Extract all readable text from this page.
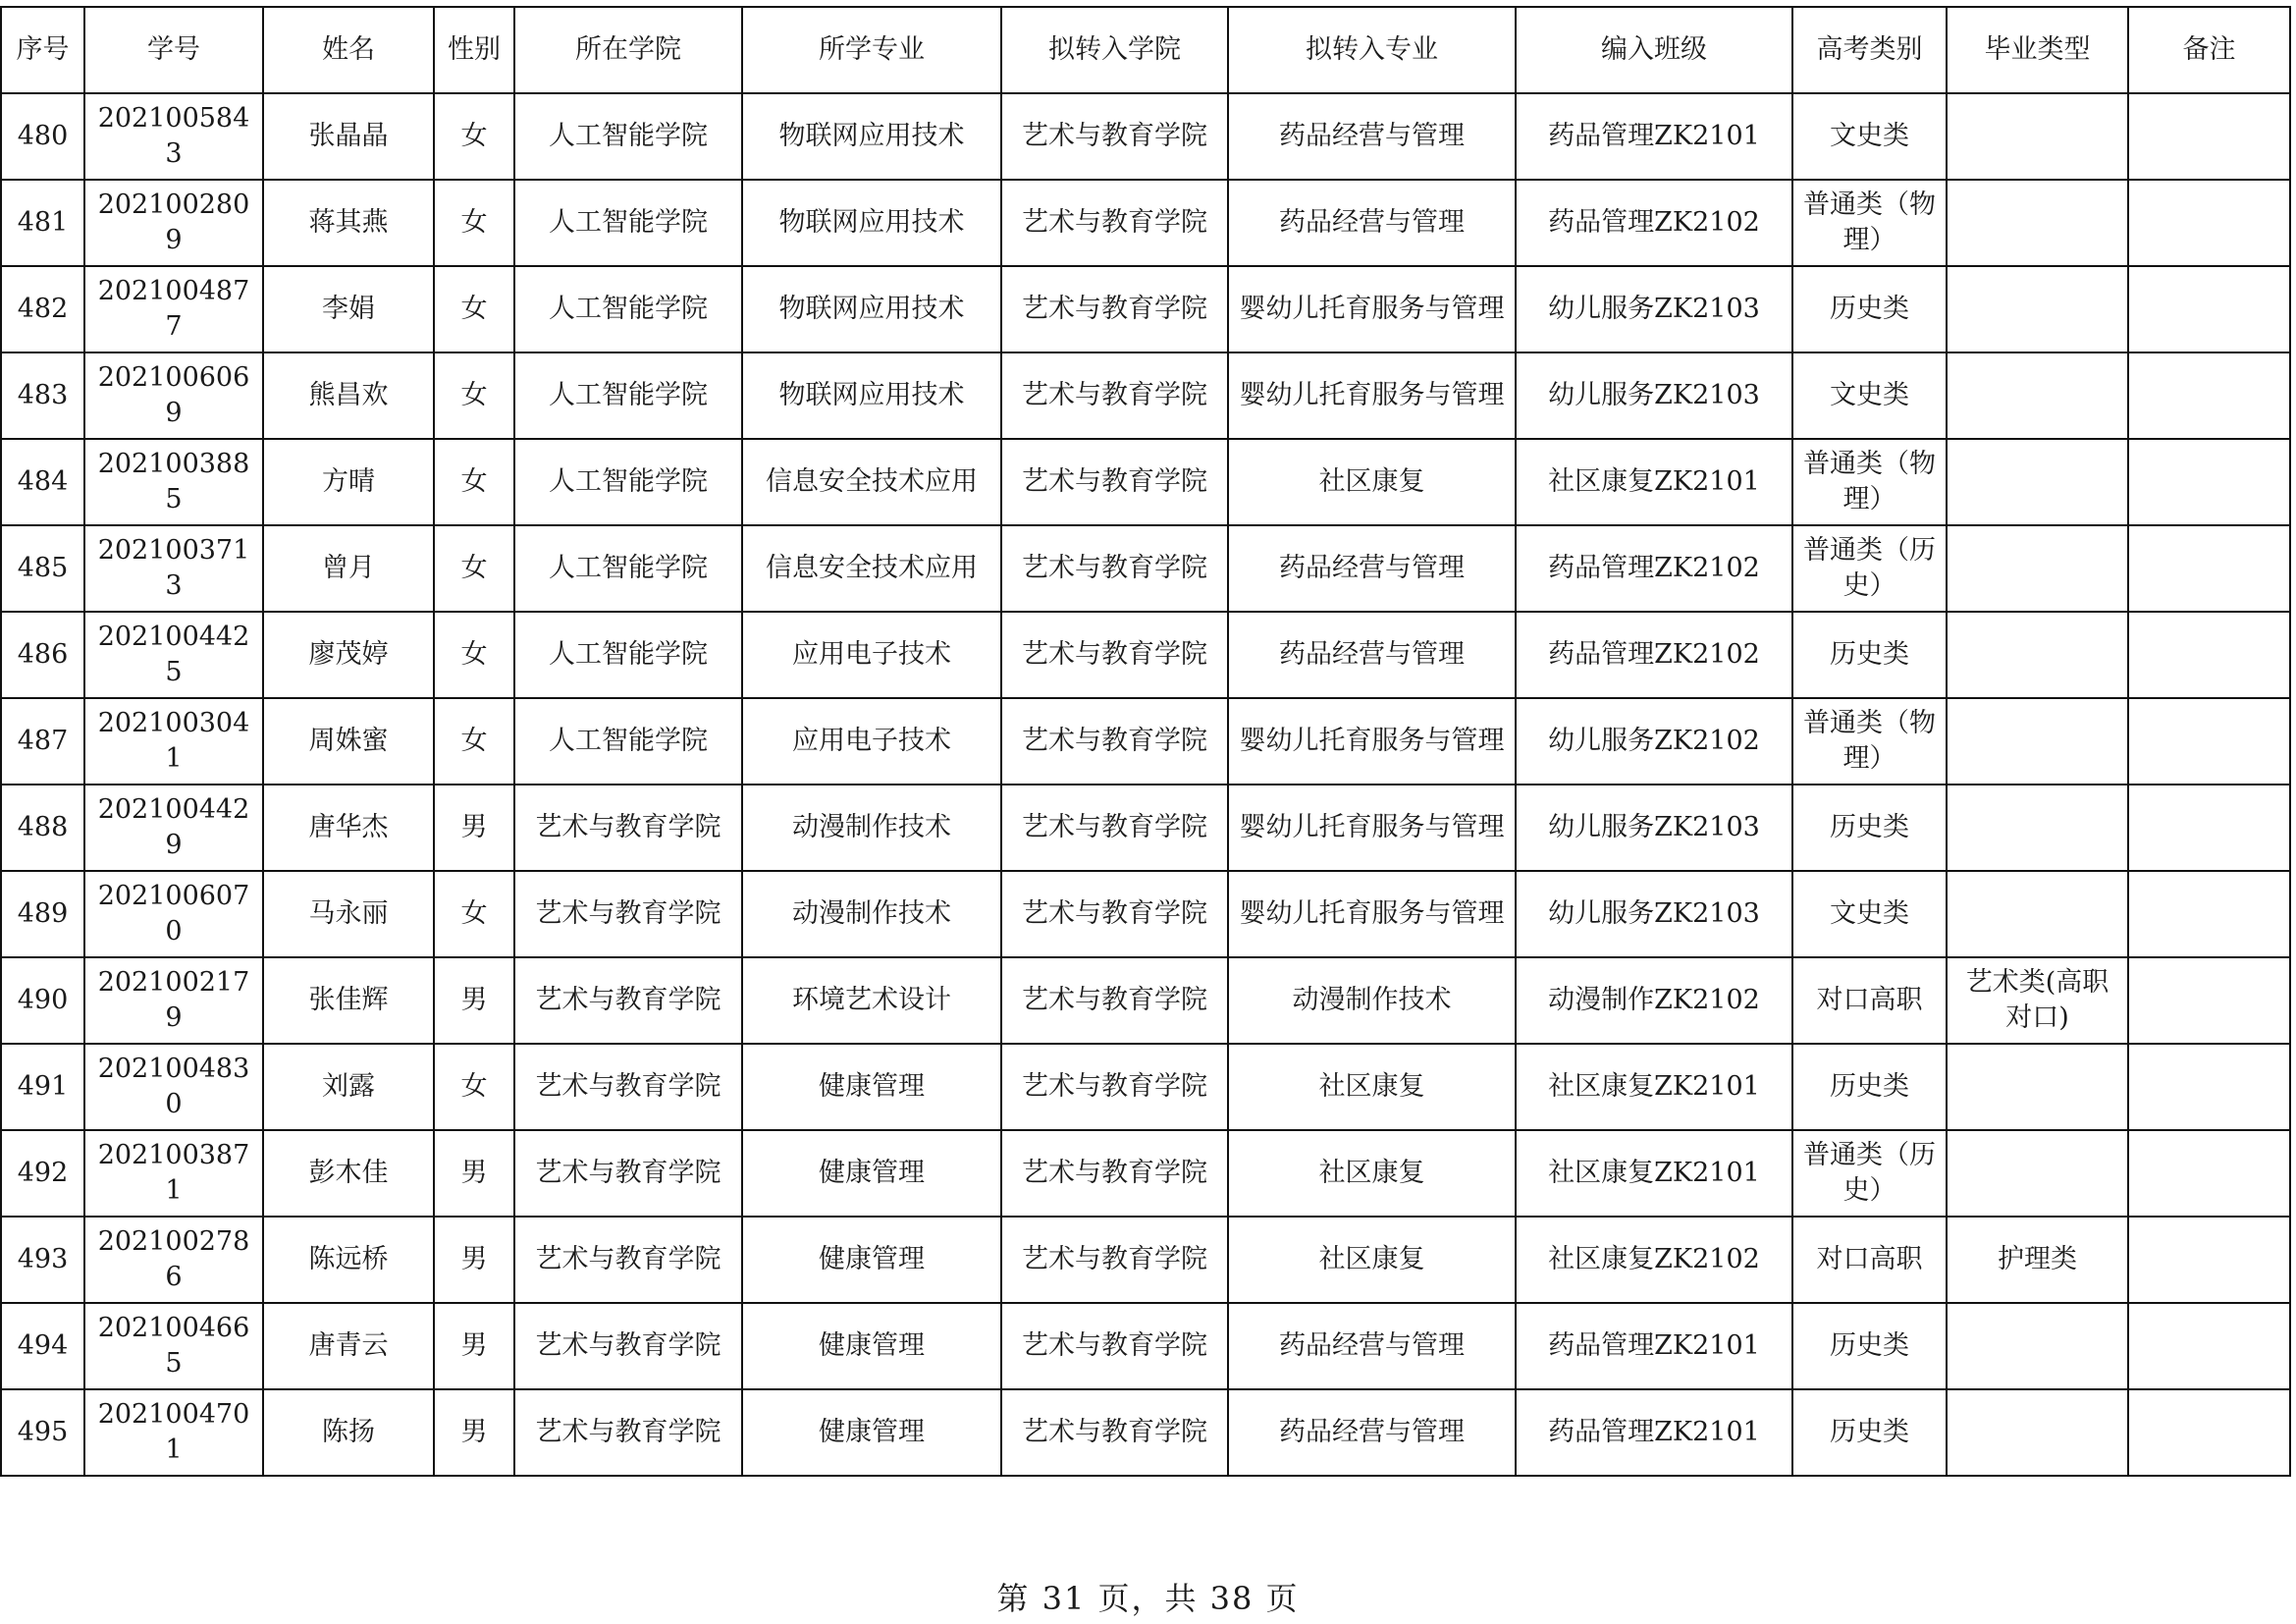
序号	学号	姓名	性别	所在学院	所学专业	拟转入学院	拟转入专业	编入班级	高考类别	毕业类型	备注
480	2021005843	张晶晶	女	人工智能学院	物联网应用技术	艺术与教育学院	药品经营与管理	药品管理ZK2101	文史类		
481	2021002809	蒋其燕	女	人工智能学院	物联网应用技术	艺术与教育学院	药品经营与管理	药品管理ZK2102	普通类（物理）		
482	2021004877	李娟	女	人工智能学院	物联网应用技术	艺术与教育学院	婴幼儿托育服务与管理	幼儿服务ZK2103	历史类		
483	2021006069	熊昌欢	女	人工智能学院	物联网应用技术	艺术与教育学院	婴幼儿托育服务与管理	幼儿服务ZK2103	文史类		
484	2021003885	方晴	女	人工智能学院	信息安全技术应用	艺术与教育学院	社区康复	社区康复ZK2101	普通类（物理）		
485	2021003713	曾月	女	人工智能学院	信息安全技术应用	艺术与教育学院	药品经营与管理	药品管理ZK2102	普通类（历史）		
486	2021004425	廖茂婷	女	人工智能学院	应用电子技术	艺术与教育学院	药品经营与管理	药品管理ZK2102	历史类		
487	2021003041	周姝蜜	女	人工智能学院	应用电子技术	艺术与教育学院	婴幼儿托育服务与管理	幼儿服务ZK2102	普通类（物理）		
488	2021004429	唐华杰	男	艺术与教育学院	动漫制作技术	艺术与教育学院	婴幼儿托育服务与管理	幼儿服务ZK2103	历史类		
489	2021006070	马永丽	女	艺术与教育学院	动漫制作技术	艺术与教育学院	婴幼儿托育服务与管理	幼儿服务ZK2103	文史类		
490	2021002179	张佳辉	男	艺术与教育学院	环境艺术设计	艺术与教育学院	动漫制作技术	动漫制作ZK2102	对口高职	艺术类(高职对口)	
491	2021004830	刘露	女	艺术与教育学院	健康管理	艺术与教育学院	社区康复	社区康复ZK2101	历史类		
492	2021003871	彭木佳	男	艺术与教育学院	健康管理	艺术与教育学院	社区康复	社区康复ZK2101	普通类（历史）		
493	2021002786	陈远桥	男	艺术与教育学院	健康管理	艺术与教育学院	社区康复	社区康复ZK2102	对口高职	护理类	
494	2021004665	唐青云	男	艺术与教育学院	健康管理	艺术与教育学院	药品经营与管理	药品管理ZK2101	历史类		
495	2021004701	陈扬	男	艺术与教育学院	健康管理	艺术与教育学院	药品经营与管理	药品管理ZK2101	历史类		
第 31 页，共 38 页
